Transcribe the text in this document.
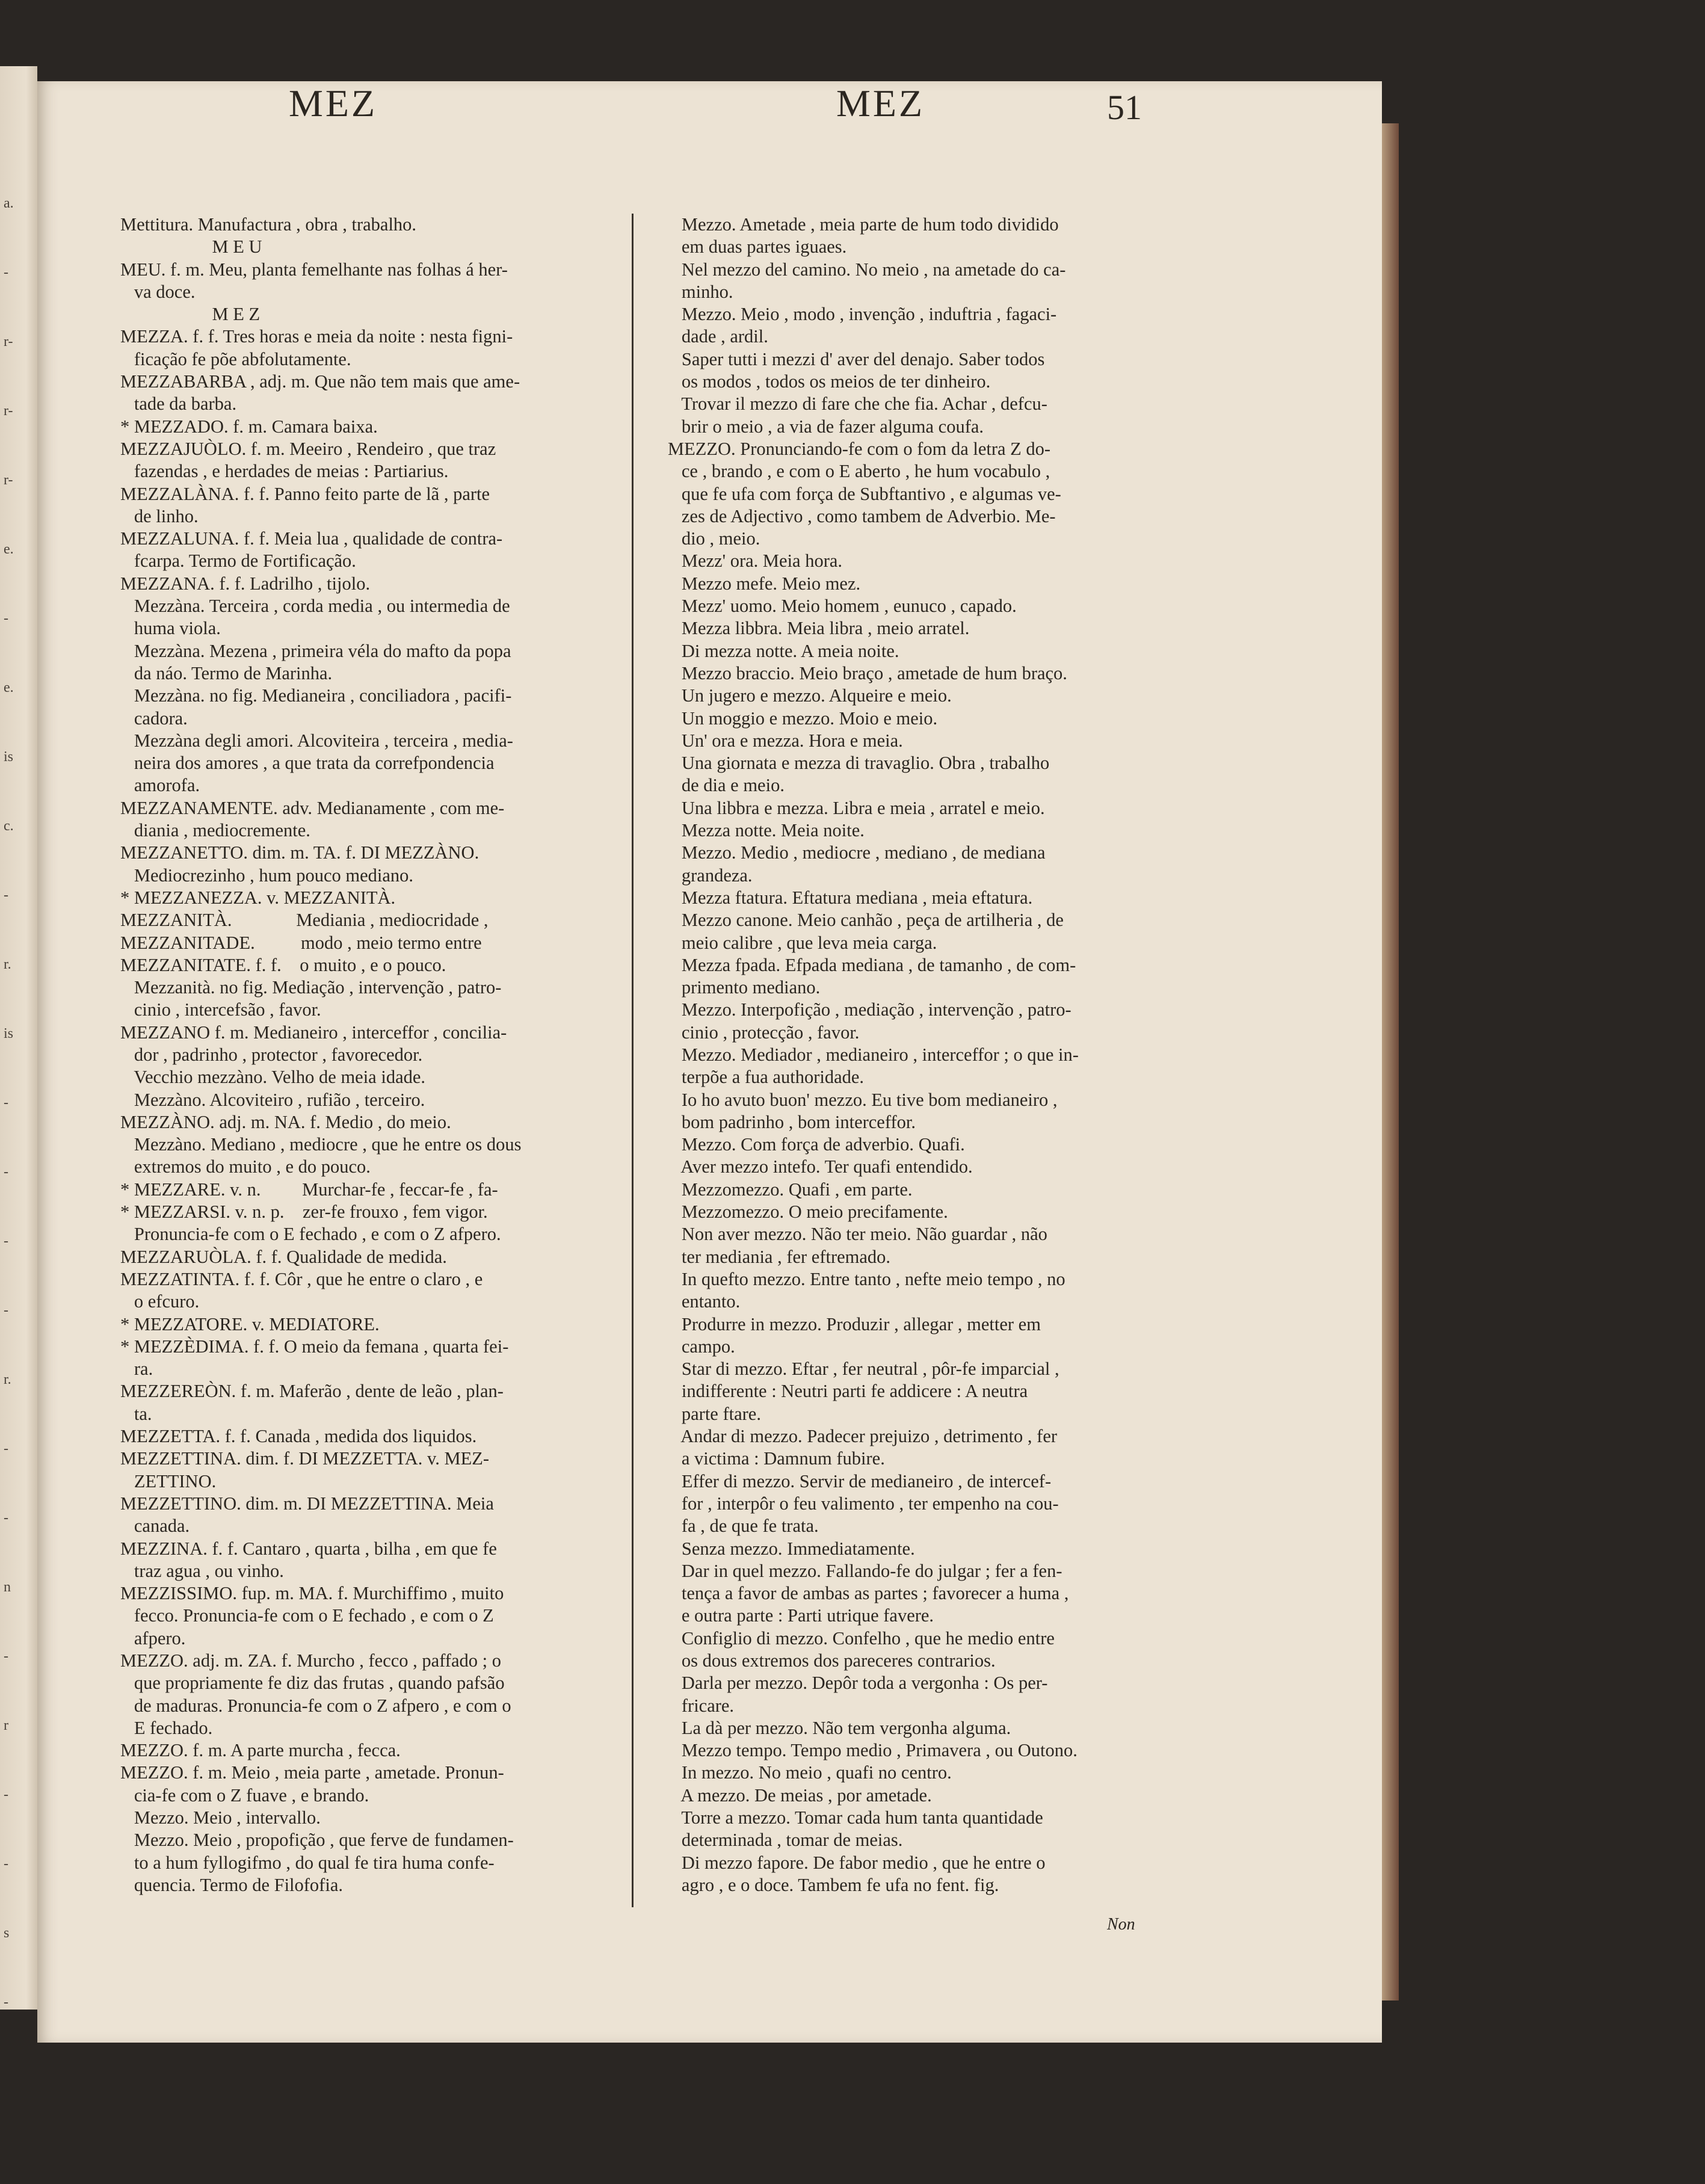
a.
-
r-
r-
r-
e.
-
e.
is
c.
-
r.
is
-
-
-
-
r.
-
-
n
-
r
-
-
s
-
MEZ	MEZ	51
Mettitura. Manufactura , obra , trabalho.
M E U
MEU. f. m. Meu, planta femelhante nas folhas á her-
va doce.
M E Z
MEZZA. f. f. Tres horas e meia da noite : nesta figni-
ficação fe põe abfolutamente.
MEZZABARBA , adj. m. Que não tem mais que ame-
tade da barba.
* MEZZADO. f. m. Camara baixa.
MEZZAJUÒLO. f. m. Meeiro , Rendeiro , que traz
fazendas , e herdades de meias : Partiarius.
MEZZALÀNA. f. f. Panno feito parte de lã , parte
de linho.
MEZZALUNA. f. f. Meia lua , qualidade de contra-
fcarpa. Termo de Fortificação.
MEZZANA. f. f. Ladrilho , tijolo.
Mezzàna. Terceira , corda media , ou intermedia de
huma viola.
Mezzàna. Mezena , primeira véla do mafto da popa
da náo. Termo de Marinha.
Mezzàna. no fig. Medianeira , conciliadora , pacifi-
cadora.
Mezzàna degli amori. Alcoviteira , terceira , media-
neira dos amores , a que trata da correfpondencia
amorofa.
MEZZANAMENTE. adv. Medianamente , com me-
diania , mediocremente.
MEZZANETTO. dim. m. TA. f. DI MEZZÀNO.
Mediocrezinho , hum pouco mediano.
* MEZZANEZZA. v. MEZZANITÀ.
MEZZANITÀ.              Mediania , mediocridade ,
MEZZANITADE.          modo , meio termo entre
MEZZANITATE. f. f.    o muito , e o pouco.
Mezzanità. no fig. Mediação , intervenção , patro-
cinio , intercefsão , favor.
MEZZANO f. m. Medianeiro , interceffor , concilia-
dor , padrinho , protector , favorecedor.
Vecchio mezzàno. Velho de meia idade.
Mezzàno. Alcoviteiro , rufião , terceiro.
MEZZÀNO. adj. m. NA. f. Medio , do meio.
Mezzàno. Mediano , mediocre , que he entre os dous
extremos do muito , e do pouco.
* MEZZARE. v. n.         Murchar-fe , feccar-fe , fa-
* MEZZARSI. v. n. p.    zer-fe frouxo , fem vigor.
Pronuncia-fe com o E fechado , e com o Z afpero.
MEZZARUÒLA. f. f. Qualidade de medida.
MEZZATINTA. f. f. Côr , que he entre o claro , e
o efcuro.
* MEZZATORE. v. MEDIATORE.
* MEZZÈDIMA. f. f. O meio da femana , quarta fei-
ra.
MEZZEREÒN. f. m. Maferão , dente de leão , plan-
ta.
MEZZETTA. f. f. Canada , medida dos liquidos.
MEZZETTINA. dim. f. DI MEZZETTA. v. MEZ-
ZETTINO.
MEZZETTINO. dim. m. DI MEZZETTINA. Meia
canada.
MEZZINA. f. f. Cantaro , quarta , bilha , em que fe
traz agua , ou vinho.
MEZZISSIMO. fup. m. MA. f. Murchiffimo , muito
fecco. Pronuncia-fe com o E fechado , e com o Z
afpero.
MEZZO. adj. m. ZA. f. Murcho , fecco , paffado ; o
que propriamente fe diz das frutas , quando pafsão
de maduras. Pronuncia-fe com o Z afpero , e com o
E fechado.
MEZZO. f. m. A parte murcha , fecca.
MEZZO. f. m. Meio , meia parte , ametade. Pronun-
cia-fe com o Z fuave , e brando.
Mezzo. Meio , intervallo.
Mezzo. Meio , propofição , que ferve de fundamen-
to a hum fyllogifmo , do qual fe tira huma confe-
quencia. Termo de Filofofia.
Mezzo. Ametade , meia parte de hum todo dividido
em duas partes iguaes.
Nel mezzo del camino. No meio , na ametade do ca-
minho.
Mezzo. Meio , modo , invenção , induftria , fagaci-
dade , ardil.
Saper tutti i mezzi d' aver del denajo. Saber todos
os modos , todos os meios de ter dinheiro.
Trovar il mezzo di fare che che fia. Achar , defcu-
brir o meio , a via de fazer alguma coufa.
MEZZO. Pronunciando-fe com o fom da letra Z do-
ce , brando , e com o E aberto , he hum vocabulo ,
que fe ufa com força de Subftantivo , e algumas ve-
zes de Adjectivo , como tambem de Adverbio. Me-
dio , meio.
Mezz' ora. Meia hora.
Mezzo mefe. Meio mez.
Mezz' uomo. Meio homem , eunuco , capado.
Mezza libbra. Meia libra , meio arratel.
Di mezza notte. A meia noite.
Mezzo braccio. Meio braço , ametade de hum braço.
Un jugero e mezzo. Alqueire e meio.
Un moggio e mezzo. Moio e meio.
Un' ora e mezza. Hora e meia.
Una giornata e mezza di travaglio. Obra , trabalho
de dia e meio.
Una libbra e mezza. Libra e meia , arratel e meio.
Mezza notte. Meia noite.
Mezzo. Medio , mediocre , mediano , de mediana
grandeza.
Mezza ftatura. Eftatura mediana , meia eftatura.
Mezzo canone. Meio canhão , peça de artilheria , de
meio calibre , que leva meia carga.
Mezza fpada. Efpada mediana , de tamanho , de com-
primento mediano.
Mezzo. Interpofição , mediação , intervenção , patro-
cinio , protecção , favor.
Mezzo. Mediador , medianeiro , interceffor ; o que in-
terpõe a fua authoridade.
Io ho avuto buon' mezzo. Eu tive bom medianeiro ,
bom padrinho , bom interceffor.
Mezzo. Com força de adverbio. Quafi.
Aver mezzo intefo. Ter quafi entendido.
Mezzomezzo. Quafi , em parte.
Mezzomezzo. O meio precifamente.
Non aver mezzo. Não ter meio. Não guardar , não
ter mediania , fer eftremado.
In quefto mezzo. Entre tanto , nefte meio tempo , no
entanto.
Produrre in mezzo. Produzir , allegar , metter em
campo.
Star di mezzo. Eftar , fer neutral , pôr-fe imparcial ,
indifferente : Neutri parti fe addicere : A neutra
parte ftare.
Andar di mezzo. Padecer prejuizo , detrimento , fer
a victima : Damnum fubire.
Effer di mezzo. Servir de medianeiro , de intercef-
for , interpôr o feu valimento , ter empenho na cou-
fa , de que fe trata.
Senza mezzo. Immediatamente.
Dar in quel mezzo. Fallando-fe do julgar ; fer a fen-
tença a favor de ambas as partes ; favorecer a huma ,
e outra parte : Parti utrique favere.
Configlio di mezzo. Confelho , que he medio entre
os dous extremos dos pareceres contrarios.
Darla per mezzo. Depôr toda a vergonha : Os per-
fricare.
La dà per mezzo. Não tem vergonha alguma.
Mezzo tempo. Tempo medio , Primavera , ou Outono.
In mezzo. No meio , quafi no centro.
A mezzo. De meias , por ametade.
Torre a mezzo. Tomar cada hum tanta quantidade
determinada , tomar de meias.
Di mezzo fapore. De fabor medio , que he entre o
agro , e o doce. Tambem fe ufa no fent. fig.
Non
